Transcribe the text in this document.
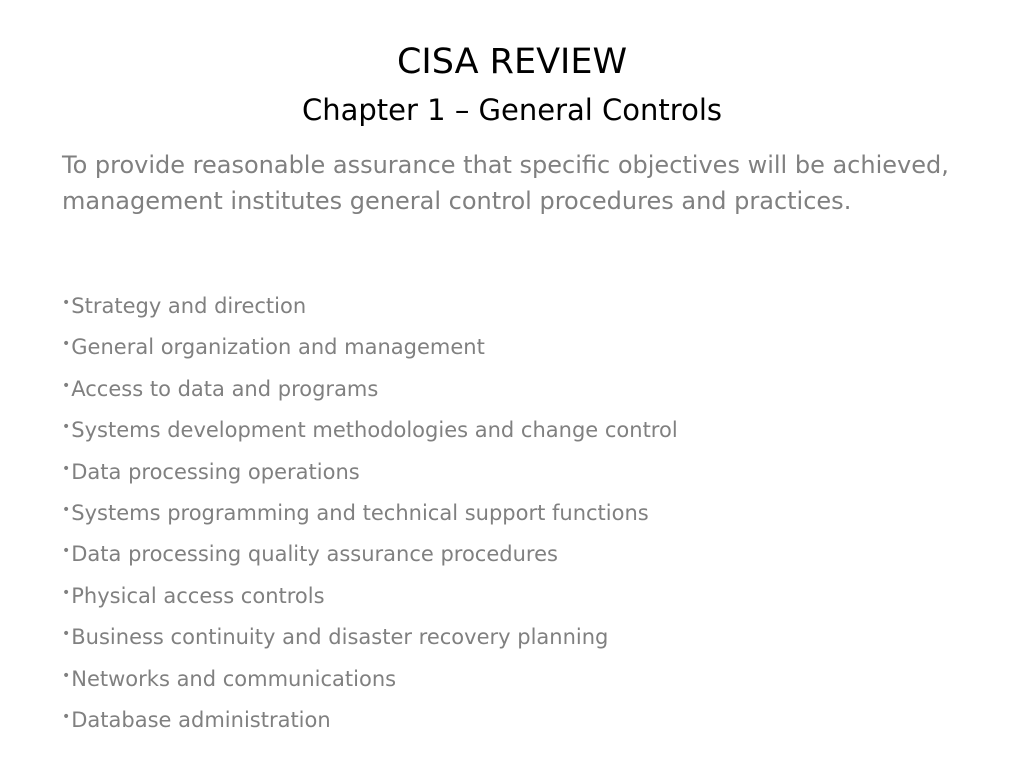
CISA REVIEW
Chapter 1 – General Controls

To provide reasonable assurance that specific objectives will be achieved, management institutes general control procedures and practices.

•Strategy and direction
•General organization and management
•Access to data and programs
•Systems development methodologies and change control
•Data processing operations
•Systems programming and technical support functions
•Data processing quality assurance procedures
•Physical access controls
•Business continuity and disaster recovery planning
•Networks and communications
•Database administration
